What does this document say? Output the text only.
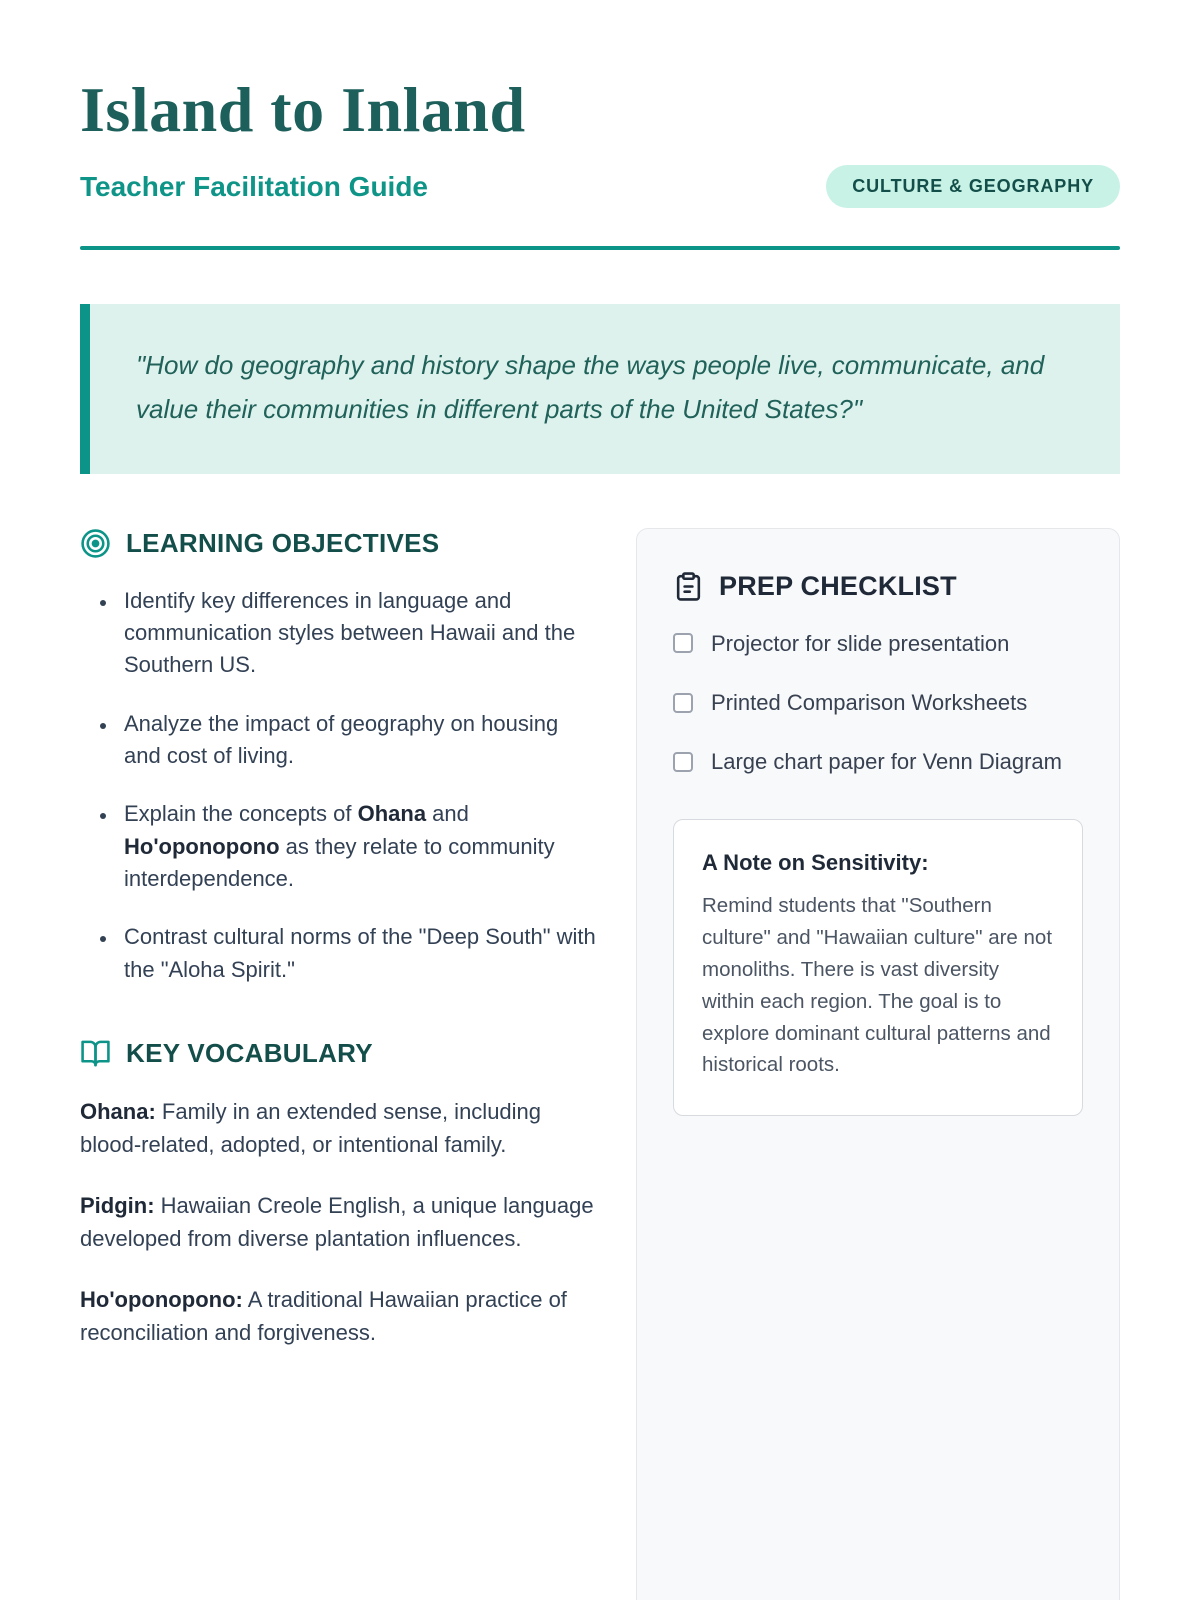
Island to Inland
Teacher Facilitation Guide	CULTURE & GEOGRAPHY

"How do geography and history shape the ways people live, communicate, and value their communities in different parts of the United States?"

LEARNING OBJECTIVES
• Identify key differences in language and communication styles between Hawaii and the Southern US.
• Analyze the impact of geography on housing and cost of living.
• Explain the concepts of Ohana and Ho'oponopono as they relate to community interdependence.
• Contrast cultural norms of the "Deep South" with the "Aloha Spirit."
KEY VOCABULARY

Ohana: Family in an extended sense, including blood-related, adopted, or intentional family.

Pidgin: Hawaiian Creole English, a unique language developed from diverse plantation influences.

Ho'oponopono: A traditional Hawaiian practice of reconciliation and forgiveness.

PREP CHECKLIST
Projector for slide presentation
Printed Comparison Worksheets
Large chart paper for Venn Diagram
A Note on Sensitivity:

Remind students that "Southern culture" and "Hawaiian culture" are not monoliths. There is vast diversity within each region. The goal is to explore dominant cultural patterns and historical roots.
